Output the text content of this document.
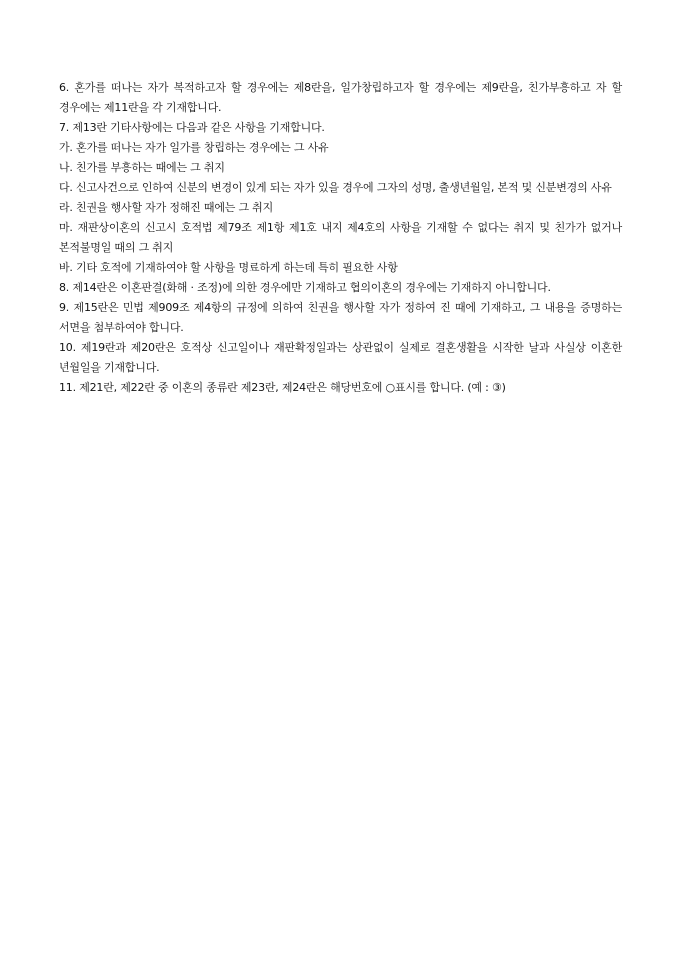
6. 혼가를 떠나는 자가 복적하고자 할 경우에는 제8란을, 일가창립하고자 할 경우에는 제9란을, 친가부흥하고 자 할 경우에는 제11란을 각 기재합니다.

7. 제13란 기타사항에는 다음과 같은 사항을 기재합니다.

가. 혼가를 떠나는 자가 일가를 창립하는 경우에는 그 사유

나. 친가를 부흥하는 때에는 그 취지

다. 신고사건으로 인하여 신분의 변경이 있게 되는 자가 있을 경우에 그자의 성명, 출생년월일, 본적 및 신분변경의 사유

라. 친권을 행사할 자가 정해진 때에는 그 취지

마. 재판상이혼의 신고시 호적법 제79조 제1항 제1호 내지 제4호의 사항을 기재할 수 없다는 취지 및 친가가 없거나 본적불명일 때의 그 취지

바. 기타 호적에 기재하여야 할 사항을 명료하게 하는데 특히 필요한 사항

8. 제14란은 이혼판결(화해 · 조정)에 의한 경우에만 기재하고 협의이혼의 경우에는 기재하지 아니합니다.

9. 제15란은 민법 제909조 제4항의 규정에 의하여 친권을 행사할 자가 정하여 진 때에 기재하고, 그 내용을 증명하는 서면을 첨부하여야 합니다.

10. 제19란과 제20란은 호적상 신고일이나 재판확정일과는 상관없이 실제로 결혼생활을 시작한 날과 사실상 이혼한 년월일을 기재합니다.

11. 제21란, 제22란 중 이혼의 종류란 제23란, 제24란은 해당번호에 ○표시를 합니다. (예 : ③)
